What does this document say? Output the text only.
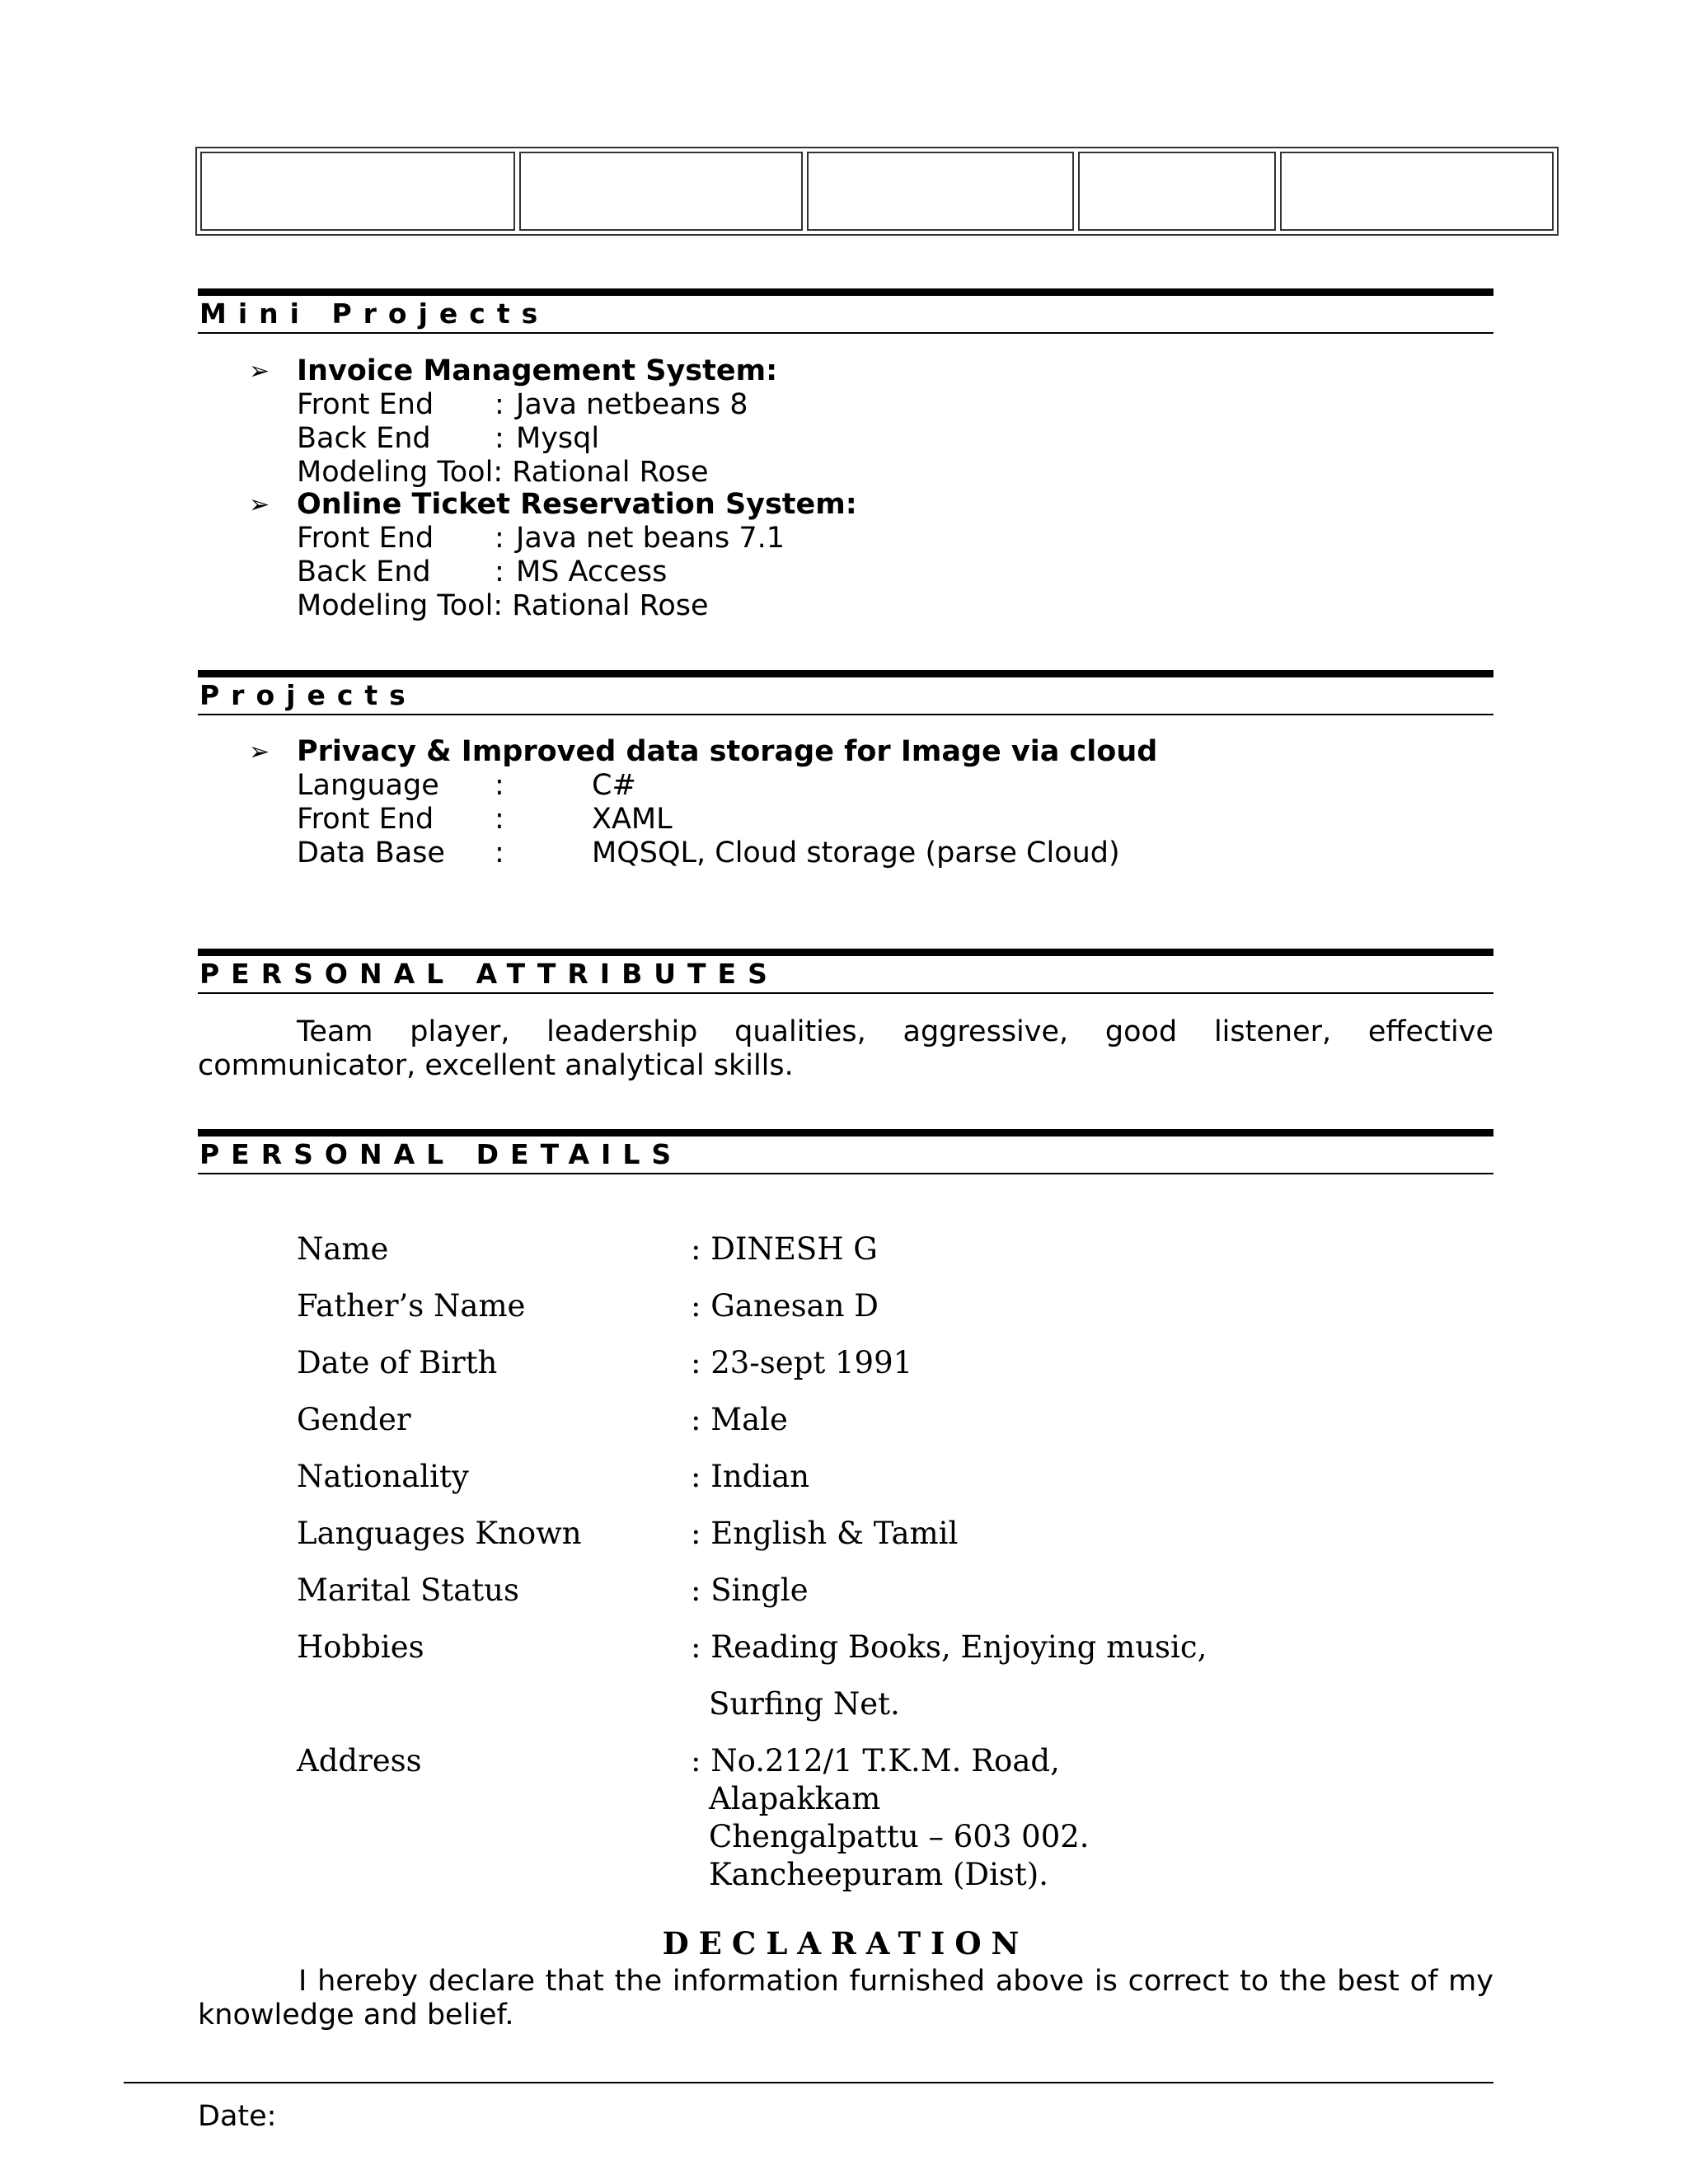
Mini Projects
➢ Invoice Management System:
Front End : Java netbeans 8
Back End : Mysql
Modeling Tool: Rational Rose
➢ Online Ticket Reservation System:
Front End : Java net beans 7.1
Back End : MS Access
Modeling Tool: Rational Rose
Projects
➢ Privacy & Improved data storage for Image via cloud
Language :	C#
Front End :	XAML
Data Base :	MQSQL, Cloud storage (parse Cloud)
PERSONAL ATTRIBUTES
Team player, leadership qualities, aggressive, good listener, effective communicator, excellent analytical skills.
PERSONAL DETAILS
Name	: DINESH G
Father’s Name	: Ganesan D
Date of Birth	: 23-sept 1991
Gender	: Male
Nationality	: Indian
Languages Known	: English & Tamil
Marital Status	: Single
Hobbies	: Reading Books, Enjoying music,
Surfing Net.
Address	: No.212/1 T.K.M. Road,
Alapakkam
Chengalpattu – 603 002.
Kancheepuram (Dist).
DECLARATION
I hereby declare that the information furnished above is correct to the best of my knowledge and belief.
Date:
